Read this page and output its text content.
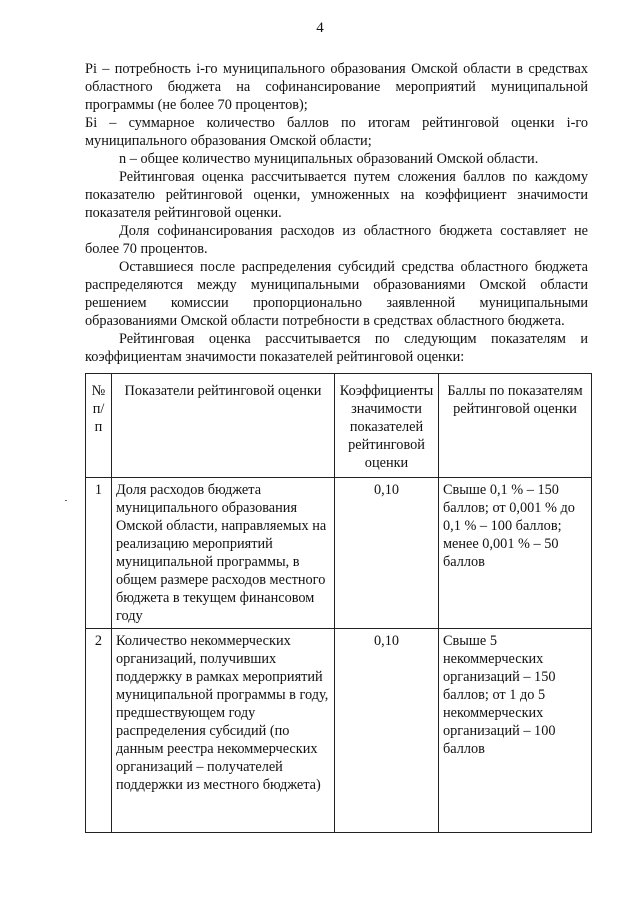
4

Pi – потребность i-го муниципального образования Омской области в средствах областного бюджета на софинансирование мероприятий муниципальной программы (не более 70 процентов);

Бi – суммарное количество баллов по итогам рейтинговой оценки i-го муниципального образования Омской области;

n – общее количество муниципальных образований Омской области.

Рейтинговая оценка рассчитывается путем сложения баллов по каждому показателю рейтинговой оценки, умноженных на коэффициент значимости показателя рейтинговой оценки.

Доля софинансирования расходов из областного бюджета составляет не более 70 процентов.

Оставшиеся после распределения субсидий средства областного бюджета распределяются между муниципальными образованиями Омской области решением комиссии пропорционально заявленной муниципальными образованиями Омской области потребности в средствах областного бюджета.

Рейтинговая оценка рассчитывается по следующим показателям и коэффициентам значимости показателей рейтинговой оценки:

№ п/п	Показатели рейтинговой оценки	Коэффициенты значимости показателей рейтинговой оценки	Баллы по показателям рейтинговой оценки
1	Доля расходов бюджета муниципального образования Омской области, направляемых на реализацию мероприятий муниципальной программы, в общем размере расходов местного бюджета в текущем финансовом году	0,10	Свыше 0,1 % – 150 баллов; от 0,001 % до 0,1 % – 100 баллов; менее 0,001 % – 50 баллов
2	Количество некоммерческих организаций, получивших поддержку в рамках мероприятий муниципальной программы в году, предшествующем году распределения субсидий (по данным реестра некоммерческих организаций – получателей поддержки из местного бюджета)	0,10	Свыше 5 некоммерческих организаций – 150 баллов; от 1 до 5 некоммерческих организаций – 100 баллов
